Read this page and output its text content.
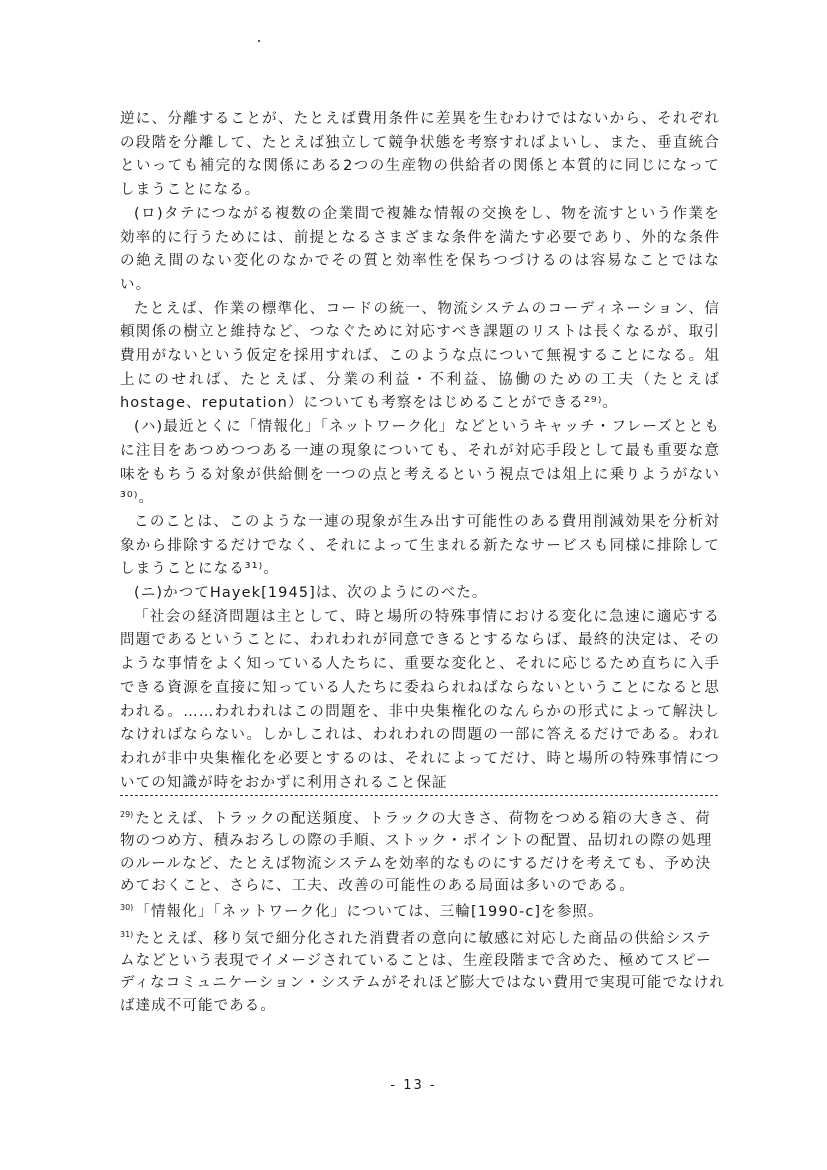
逆に、分離することが、たとえば費用条件に差異を生むわけではないから、それぞれの段階を分離して、たとえば独立して競争状態を考察すればよいし、また、垂直統合といっても補完的な関係にある2つの生産物の供給者の関係と本質的に同じになってしまうことになる。

(ロ)タテにつながる複数の企業間で複雑な情報の交換をし、物を流すという作業を効率的に行うためには、前提となるさまざまな条件を満たす必要であり、外的な条件の絶え間のない変化のなかでその質と効率性を保ちつづけるのは容易なことではない。

たとえば、作業の標準化、コードの統一、物流システムのコーディネーション、信頼関係の樹立と維持など、つなぐために対応すべき課題のリストは長くなるが、取引費用がないという仮定を採用すれば、このような点について無視することになる。俎上にのせれば、たとえば、分業の利益・不利益、協働のための工夫（たとえばhostage、reputation）についても考察をはじめることができる²⁹⁾。

(ハ)最近とくに「情報化」「ネットワーク化」などというキャッチ・フレーズとともに注目をあつめつつある一連の現象についても、それが対応手段として最も重要な意味をもちうる対象が供給側を一つの点と考えるという視点では俎上に乗りようがない³⁰⁾。

このことは、このような一連の現象が生み出す可能性のある費用削減効果を分析対象から排除するだけでなく、それによって生まれる新たなサービスも同様に排除してしまうことになる³¹⁾。

(ニ)かつてHayek[1945]は、次のようにのべた。

「社会の経済問題は主として、時と場所の特殊事情における変化に急速に適応する問題であるということに、われわれが同意できるとするならば、最終的決定は、そのような事情をよく知っている人たちに、重要な変化と、それに応じるため直ちに入手できる資源を直接に知っている人たちに委ねられねばならないということになると思われる。……われわれはこの問題を、非中央集権化のなんらかの形式によって解決しなければならない。しかしこれは、われわれの問題の一部に答えるだけである。われわれが非中央集権化を必要とするのは、それによってだけ、時と場所の特殊事情についての知識が時をおかずに利用されること保証

$^{29)}$ たとえば、トラックの配送頻度、トラックの大きさ、荷物をつめる箱の大きさ、荷物のつめ方、積みおろしの際の手順、ストック・ポイントの配置、品切れの際の処理のルールなど、たとえば物流システムを効率的なものにするだけを考えても、予め決めておくこと、さらに、工夫、改善の可能性のある局面は多いのである。

$^{30)}$ 「情報化」「ネットワーク化」については、三輪[1990-c]を参照。

$^{31)}$ たとえば、移り気で細分化された消費者の意向に敏感に対応した商品の供給システムなどという表現でイメージされていることは、生産段階まで含めた、極めてスピーディなコミュニケーション・システムがそれほど膨大ではない費用で実現可能でなければ達成不可能である。

- 13 -
